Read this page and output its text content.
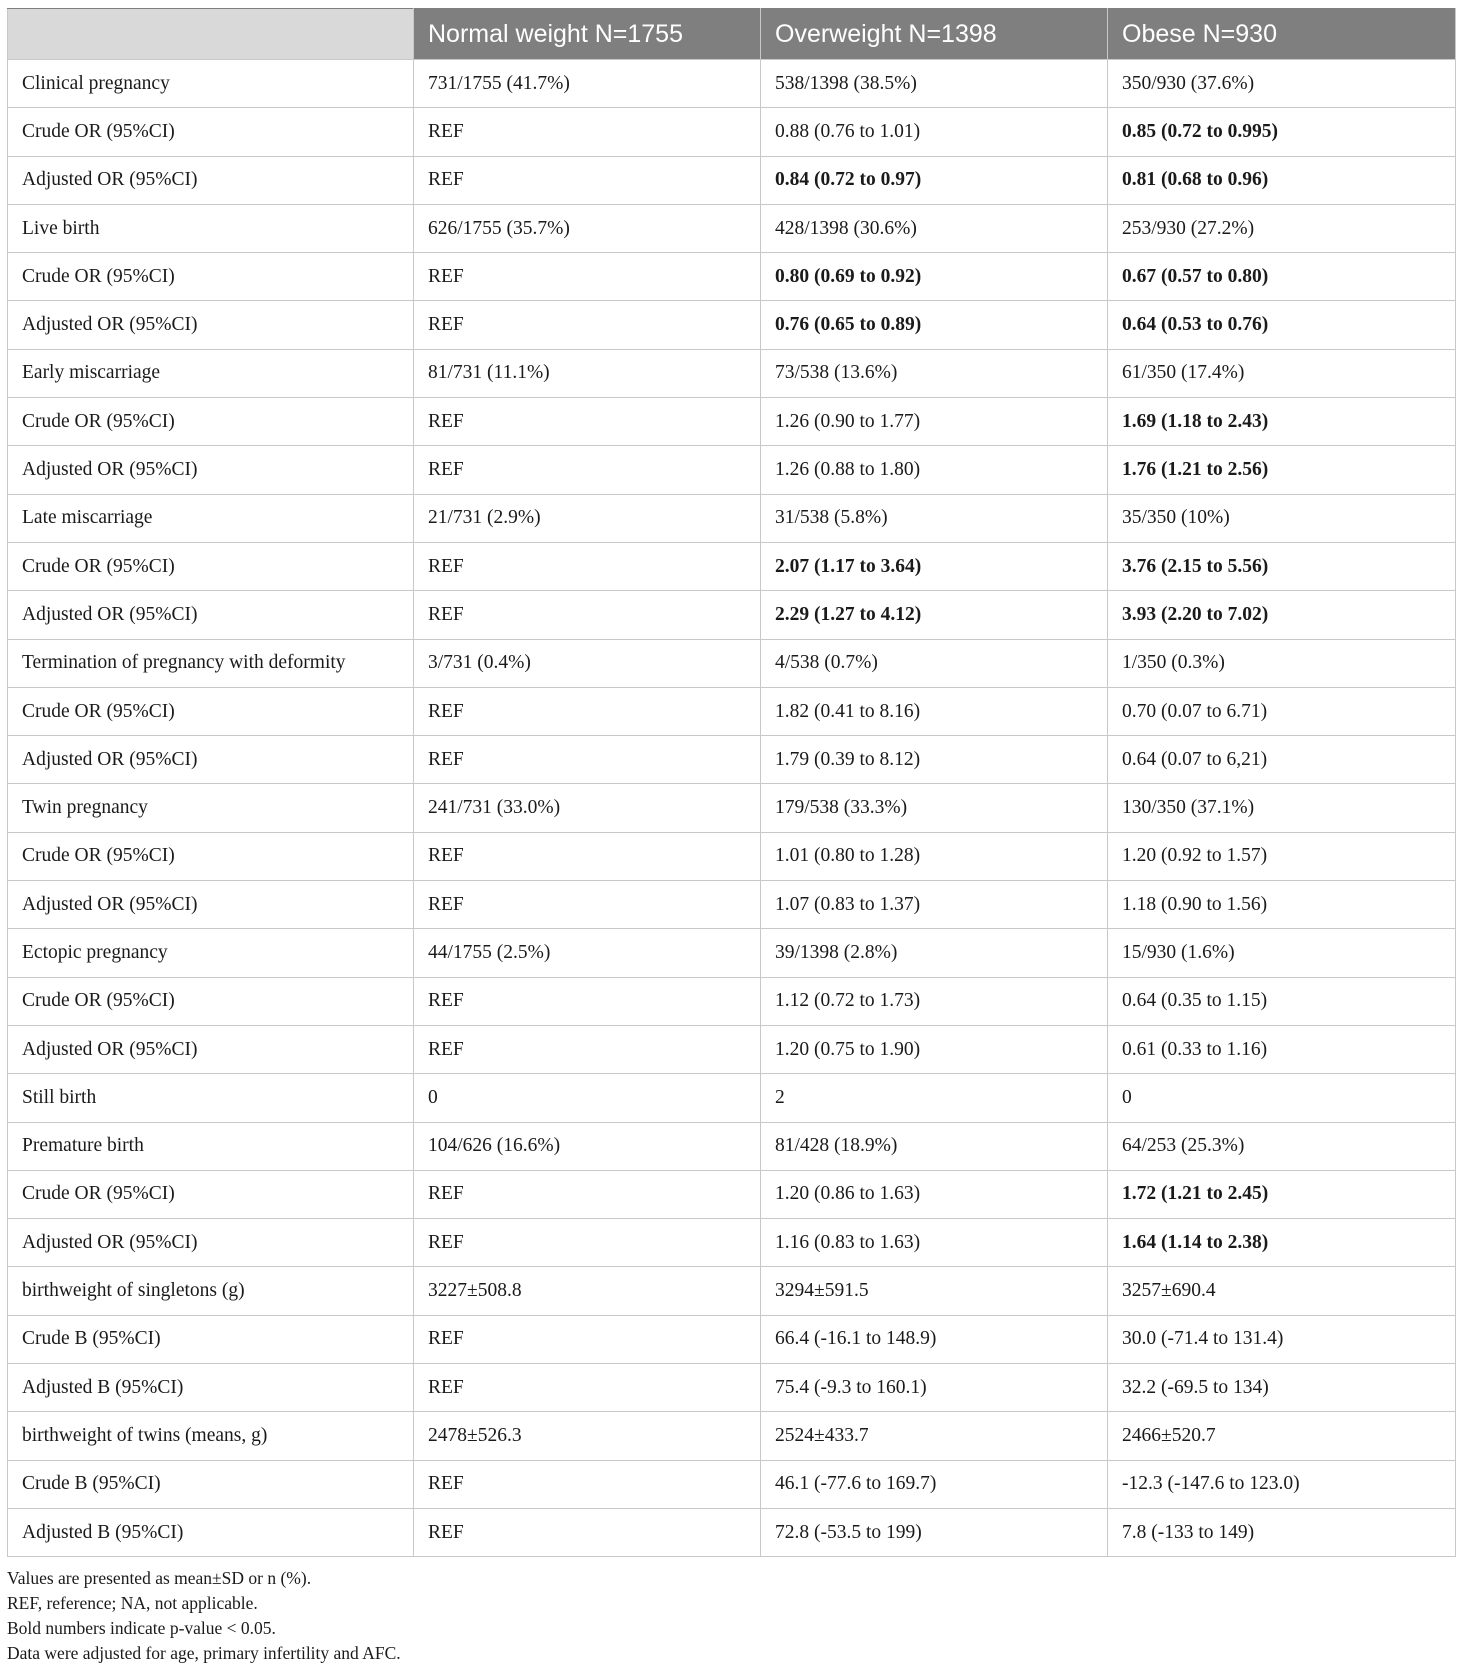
	Normal weight N=1755	Overweight N=1398	Obese N=930
Clinical pregnancy	731/1755 (41.7%)	538/1398 (38.5%)	350/930 (37.6%)
Crude OR (95%CI)	REF	0.88 (0.76 to 1.01)	0.85 (0.72 to 0.995)
Adjusted OR (95%CI)	REF	0.84 (0.72 to 0.97)	0.81 (0.68 to 0.96)
Live birth	626/1755 (35.7%)	428/1398 (30.6%)	253/930 (27.2%)
Crude OR (95%CI)	REF	0.80 (0.69 to 0.92)	0.67 (0.57 to 0.80)
Adjusted OR (95%CI)	REF	0.76 (0.65 to 0.89)	0.64 (0.53 to 0.76)
Early miscarriage	81/731 (11.1%)	73/538 (13.6%)	61/350 (17.4%)
Crude OR (95%CI)	REF	1.26 (0.90 to 1.77)	1.69 (1.18 to 2.43)
Adjusted OR (95%CI)	REF	1.26 (0.88 to 1.80)	1.76 (1.21 to 2.56)
Late miscarriage	21/731 (2.9%)	31/538 (5.8%)	35/350 (10%)
Crude OR (95%CI)	REF	2.07 (1.17 to 3.64)	3.76 (2.15 to 5.56)
Adjusted OR (95%CI)	REF	2.29 (1.27 to 4.12)	3.93 (2.20 to 7.02)
Termination of pregnancy with deformity	3/731 (0.4%)	4/538 (0.7%)	1/350 (0.3%)
Crude OR (95%CI)	REF	1.82 (0.41 to 8.16)	0.70 (0.07 to 6.71)
Adjusted OR (95%CI)	REF	1.79 (0.39 to 8.12)	0.64 (0.07 to 6,21)
Twin pregnancy	241/731 (33.0%)	179/538 (33.3%)	130/350 (37.1%)
Crude OR (95%CI)	REF	1.01 (0.80 to 1.28)	1.20 (0.92 to 1.57)
Adjusted OR (95%CI)	REF	1.07 (0.83 to 1.37)	1.18 (0.90 to 1.56)
Ectopic pregnancy	44/1755 (2.5%)	39/1398 (2.8%)	15/930 (1.6%)
Crude OR (95%CI)	REF	1.12 (0.72 to 1.73)	0.64 (0.35 to 1.15)
Adjusted OR (95%CI)	REF	1.20 (0.75 to 1.90)	0.61 (0.33 to 1.16)
Still birth	0	2	0
Premature birth	104/626 (16.6%)	81/428 (18.9%)	64/253 (25.3%)
Crude OR (95%CI)	REF	1.20 (0.86 to 1.63)	1.72 (1.21 to 2.45)
Adjusted OR (95%CI)	REF	1.16 (0.83 to 1.63)	1.64 (1.14 to 2.38)
birthweight of singletons (g)	3227±508.8	3294±591.5	3257±690.4
Crude B (95%CI)	REF	66.4 (-16.1 to 148.9)	30.0 (-71.4 to 131.4)
Adjusted B (95%CI)	REF	75.4 (-9.3 to 160.1)	32.2 (-69.5 to 134)
birthweight of twins (means, g)	2478±526.3	2524±433.7	2466±520.7
Crude B (95%CI)	REF	46.1 (-77.6 to 169.7)	-12.3 (-147.6 to 123.0)
Adjusted B (95%CI)	REF	72.8 (-53.5 to 199)	7.8 (-133 to 149)
Values are presented as mean±SD or n (%).
REF, reference; NA, not applicable.
Bold numbers indicate p-value < 0.05.
Data were adjusted for age, primary infertility and AFC.
